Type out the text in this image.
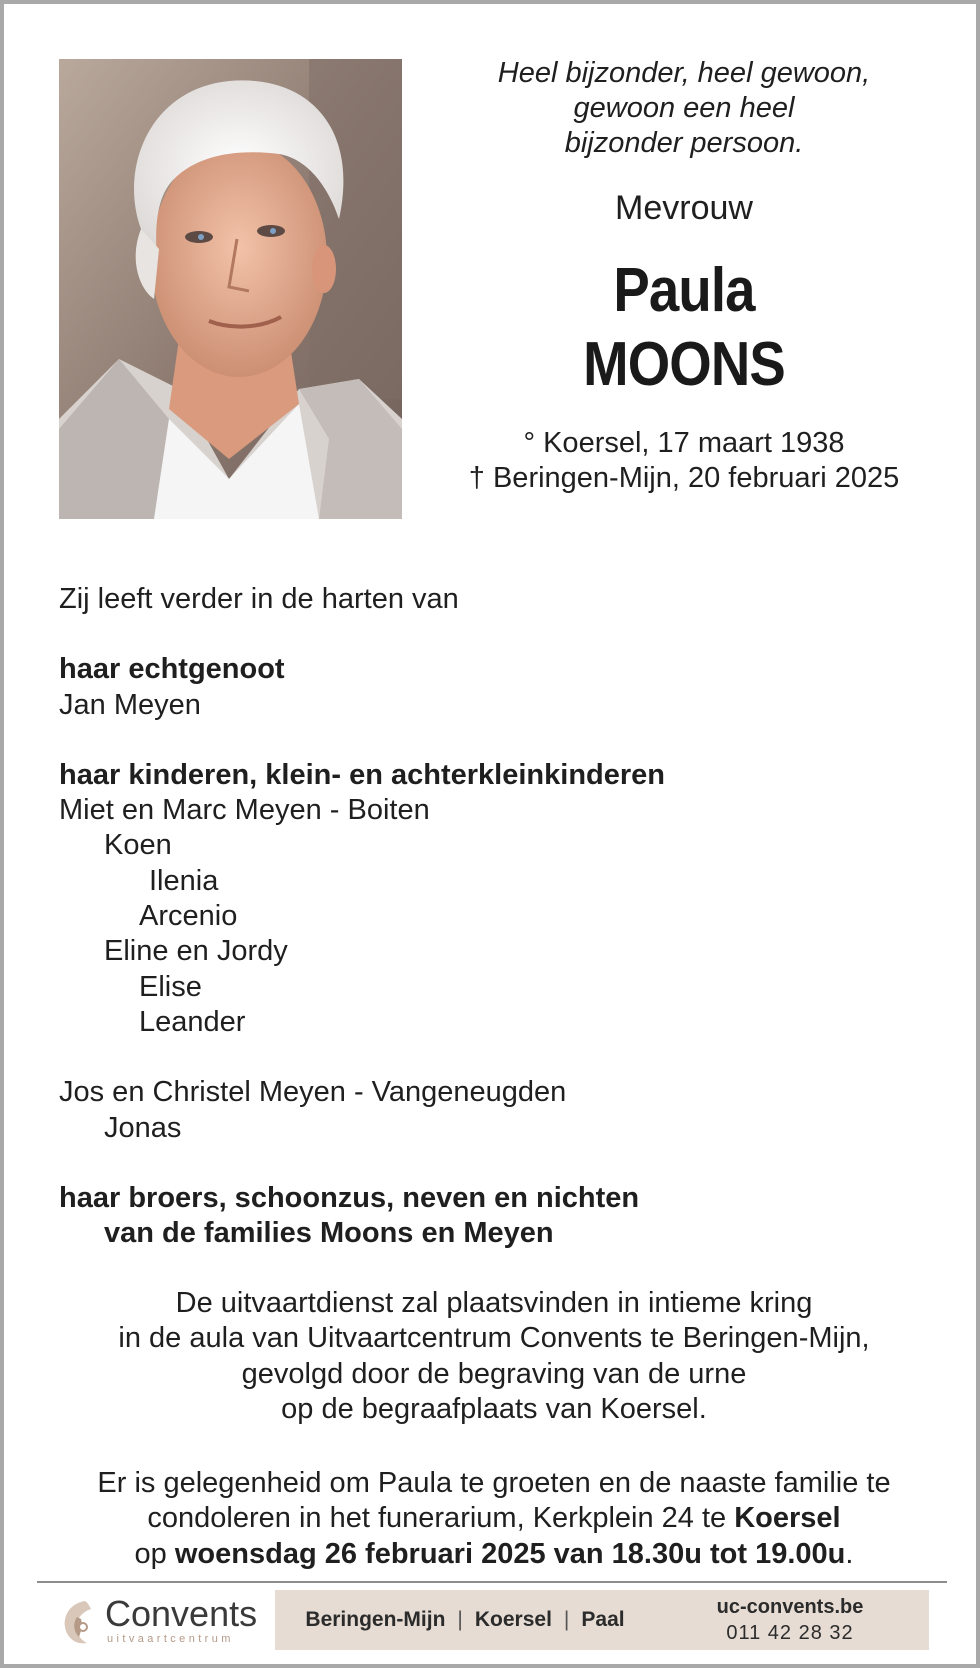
Heel bijzonder, heel gewoon,
gewoon een heel
bijzonder persoon.
Mevrouw
Paula
MOONS
° Koersel, 17 maart 1938
† Beringen-Mijn, 20 februari 2025
Zij leeft verder in de harten van
haar echtgenoot
Jan Meyen
haar kinderen, klein- en achterkleinkinderen
Miet en Marc Meyen - Boiten
Koen
Ilenia
Arcenio
Eline en Jordy
Elise
Leander
Jos en Christel Meyen - Vangeneugden
Jonas
haar broers, schoonzus, neven en nichten
van de families Moons en Meyen
De uitvaartdienst zal plaatsvinden in intieme kring
in de aula van Uitvaartcentrum Convents te Beringen-Mijn,
gevolgd door de begraving van de urne
op de begraafplaats van Koersel.
Er is gelegenheid om Paula te groeten en de naaste familie te
condoleren in het funerarium, Kerkplein 24 te Koersel
op woensdag 26 februari 2025 van 18.30u tot 19.00u.
Convents
uitvaartcentrum
Beringen-Mijn | Koersel | Paal
uc-convents.be
011 42 28 32
